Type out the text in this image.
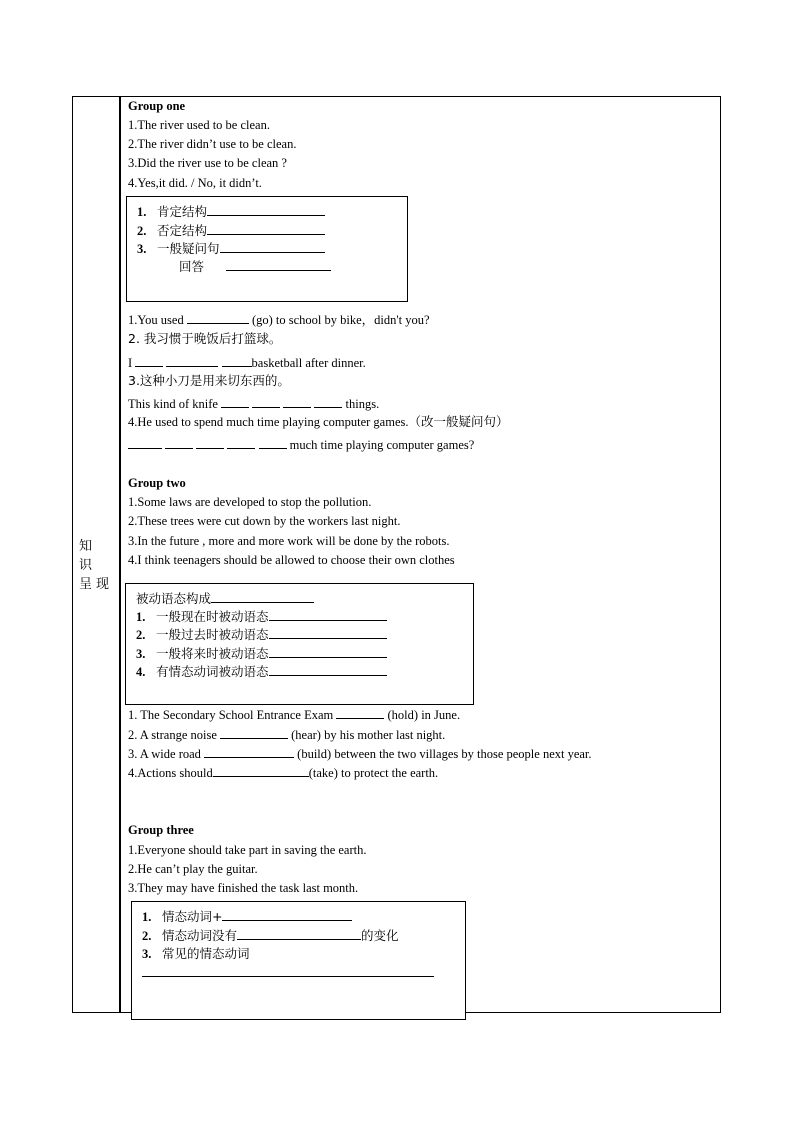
知 识 呈现
Group one
1.The river used to be clean.
2.The river didn’t use to be clean.
3.Did the river use to be clean ?
4.Yes,it did. / No, it didn’t.
1. 肯定结构
2. 否定结构
3. 一般疑问句
回答
1.You used	(go) to school by bike，didn't you?
2. 我习惯于晚饭后打篮球。
I	basketball after dinner.
3.这种小刀是用来切东西的。
This kind of knife	things.
4.He used to spend much time playing computer games.（改一般疑问句）
much time playing computer games?
Group two
1.Some laws are developed to stop the pollution.
2.These trees were cut down by the workers last night.
3.In the future , more and more work will be done by the robots.
4.I think teenagers should be allowed to choose their own clothes
被动语态构成
1. 一般现在时被动语态
2. 一般过去时被动语态
3. 一般将来时被动语态
4. 有情态动词被动语态
1. The Secondary School Entrance Exam	(hold) in June.
2. A strange noise	(hear) by his mother last night.
3. A wide road	(build) between the two villages by those people next year.
4.Actions should	(take) to protect the earth.
Group three
1.Everyone should take part in saving the earth.
2.He can’t play the guitar.
3.They may have finished the task last month.
1. 情态动词+
2. 情态动词没有	的变化
3. 常见的情态动词
